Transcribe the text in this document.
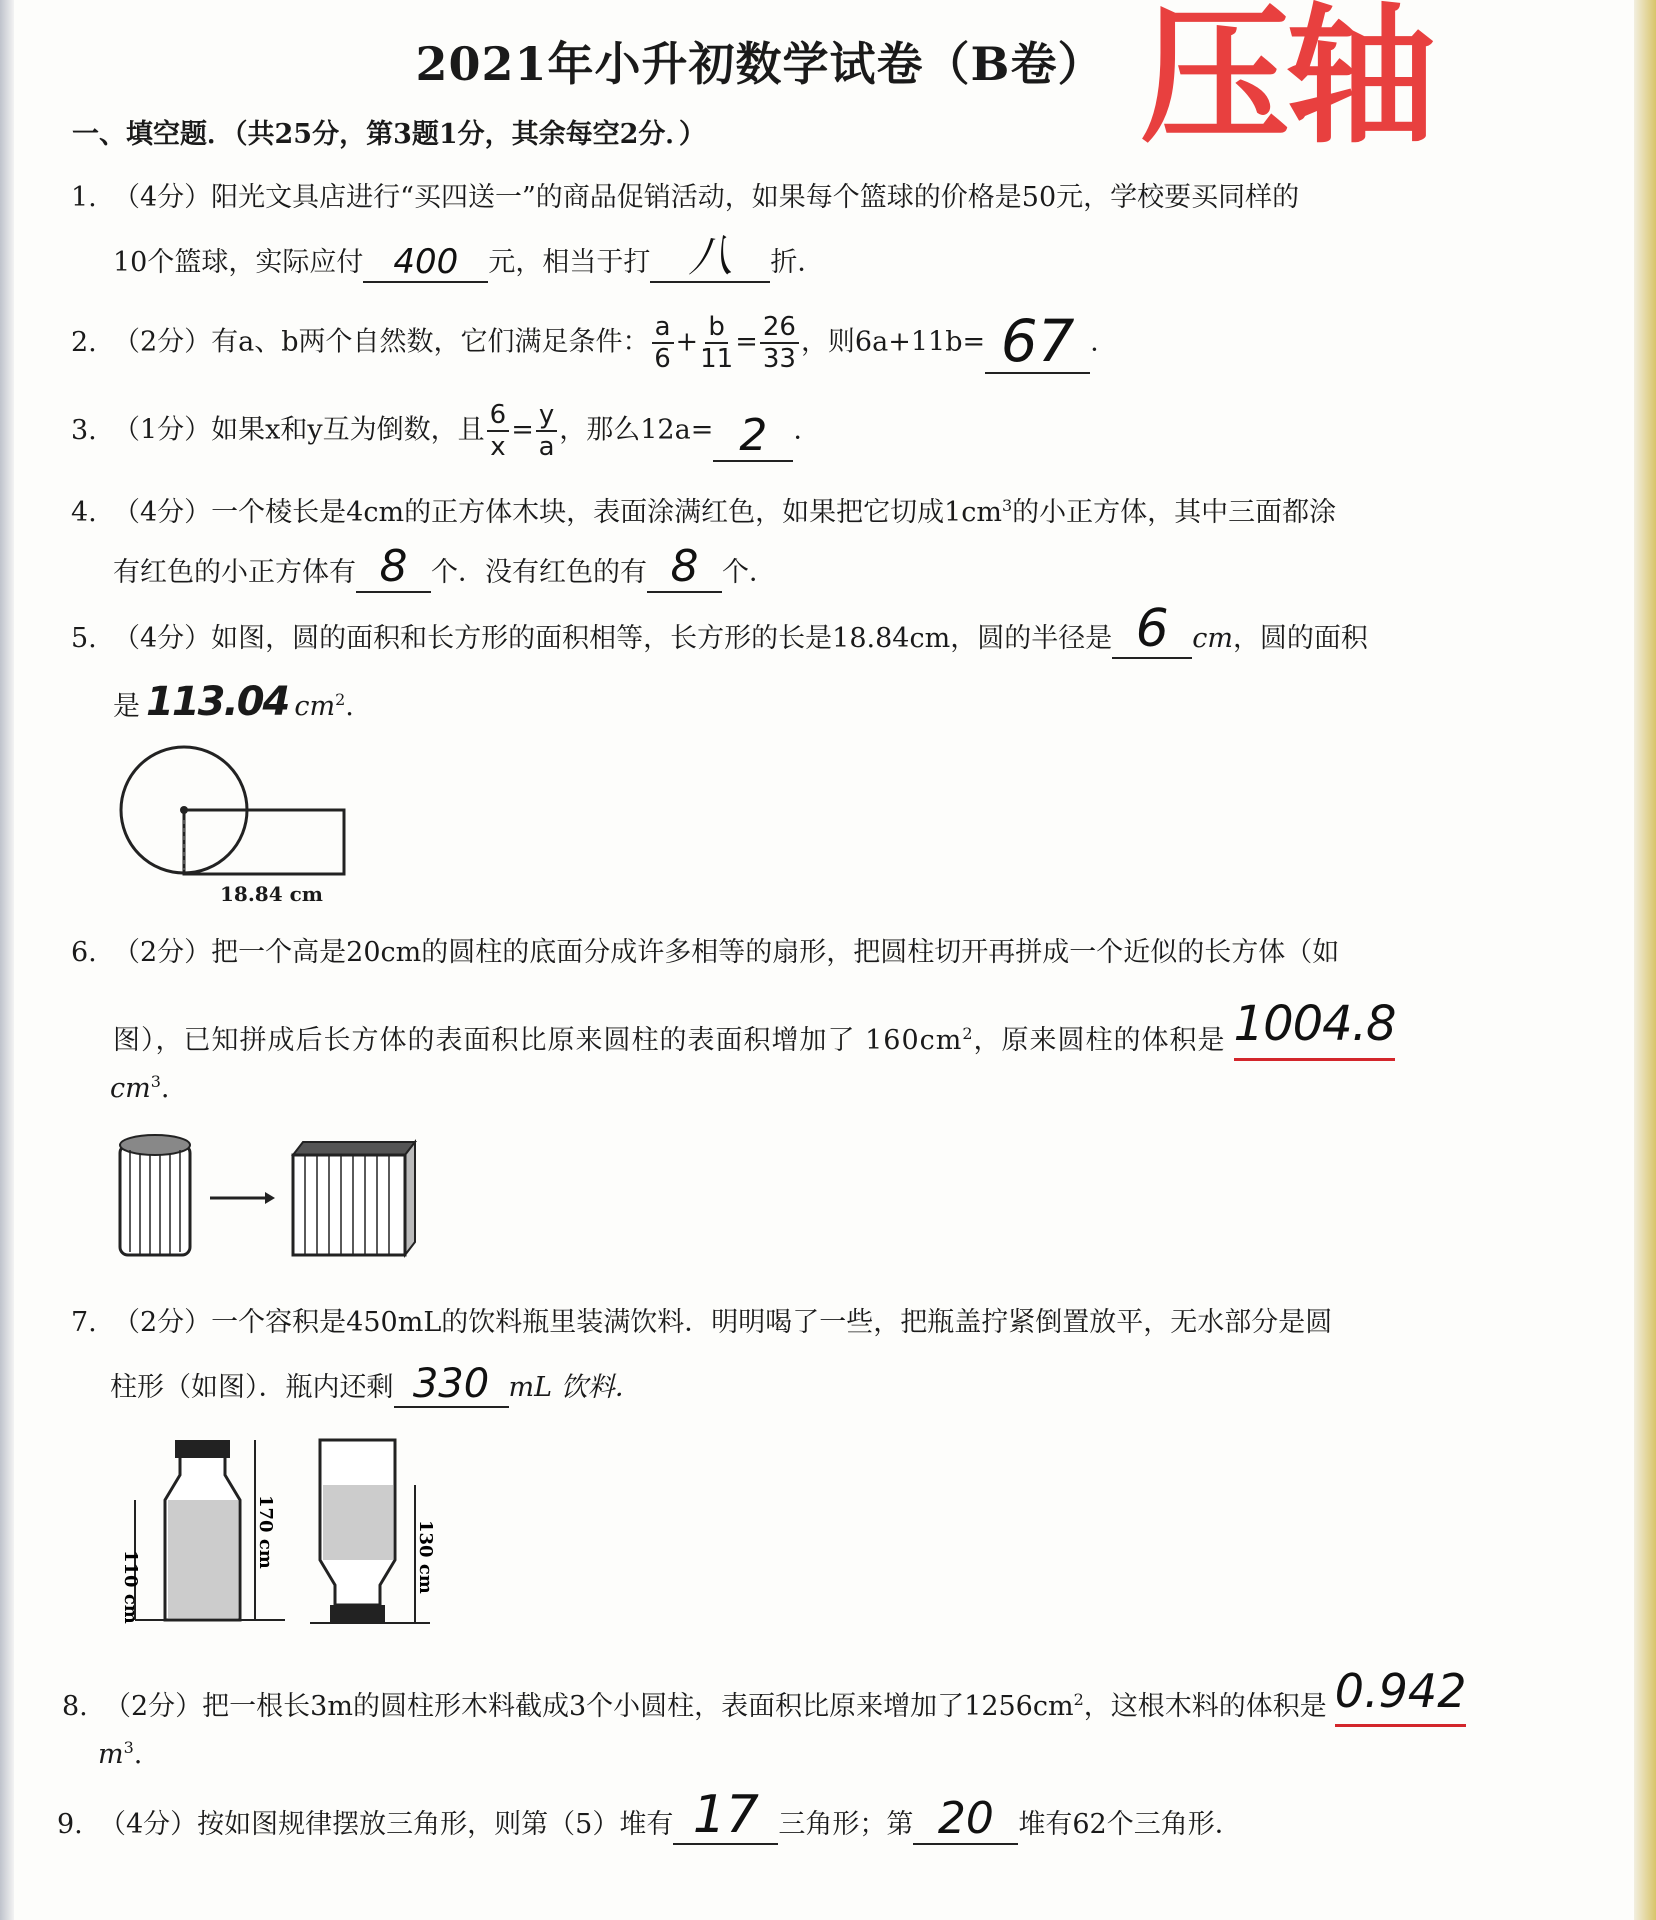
2021年小升初数学试卷（B卷） 压轴
一、填空题．（共25分，第3题1分，其余每空2分．）
1. （4分）阳光文具店进行“买四送一”的商品促销活动，如果每个篮球的价格是50元，学校要买同样的
10个篮球，实际应付 400	元，相当于打 八	折．
2. （2分）有a、b两个自然数，它们满足条件： $\frac{a}{6} + \frac{b}{11} = \frac{26}{33}$ ，则6a+11b= 67 .
3. （1分）如果x和y互为倒数，且 $\frac{6}{x} = \frac{y}{a}$ ，那么12a= 2 .
4. （4分）一个棱长是4cm的正方体木块，表面涂满红色，如果把它切成$1cm^3$的小正方体，其中三面都涂
有红色的小正方体有 8 个．没有红色的有 8 个．
5. （4分）如图，圆的面积和长方形的面积相等，长方形的长是18.84cm，圆的半径是 6 cm，圆的面积
是 113.04 $cm^2$.
18.84 cm
6. （2分）把一个高是20cm的圆柱的底面分成许多相等的扇形，把圆柱切开再拼成一个近似的长方体（如
图），已知拼成后长方体的表面积比原来圆柱的表面积增加了 $160cm^2$，原来圆柱的体积是 1004.8
$cm^3$.
7. （2分）一个容积是450mL的饮料瓶里装满饮料．明明喝了一些，把瓶盖拧紧倒置放平，无水部分是圆
柱形（如图）．瓶内还剩 330 mL 饮料．
110 cm
170 cm	130 cm
8. （2分）把一根长3m的圆柱形木料截成3个小圆柱，表面积比原来增加了$1256cm^2$，这根木料的体积是 0.942
$m^3$.
9. （4分）按如图规律摆放三角形，则第（5）堆有 17 三角形；第 20 堆有62个三角形．
